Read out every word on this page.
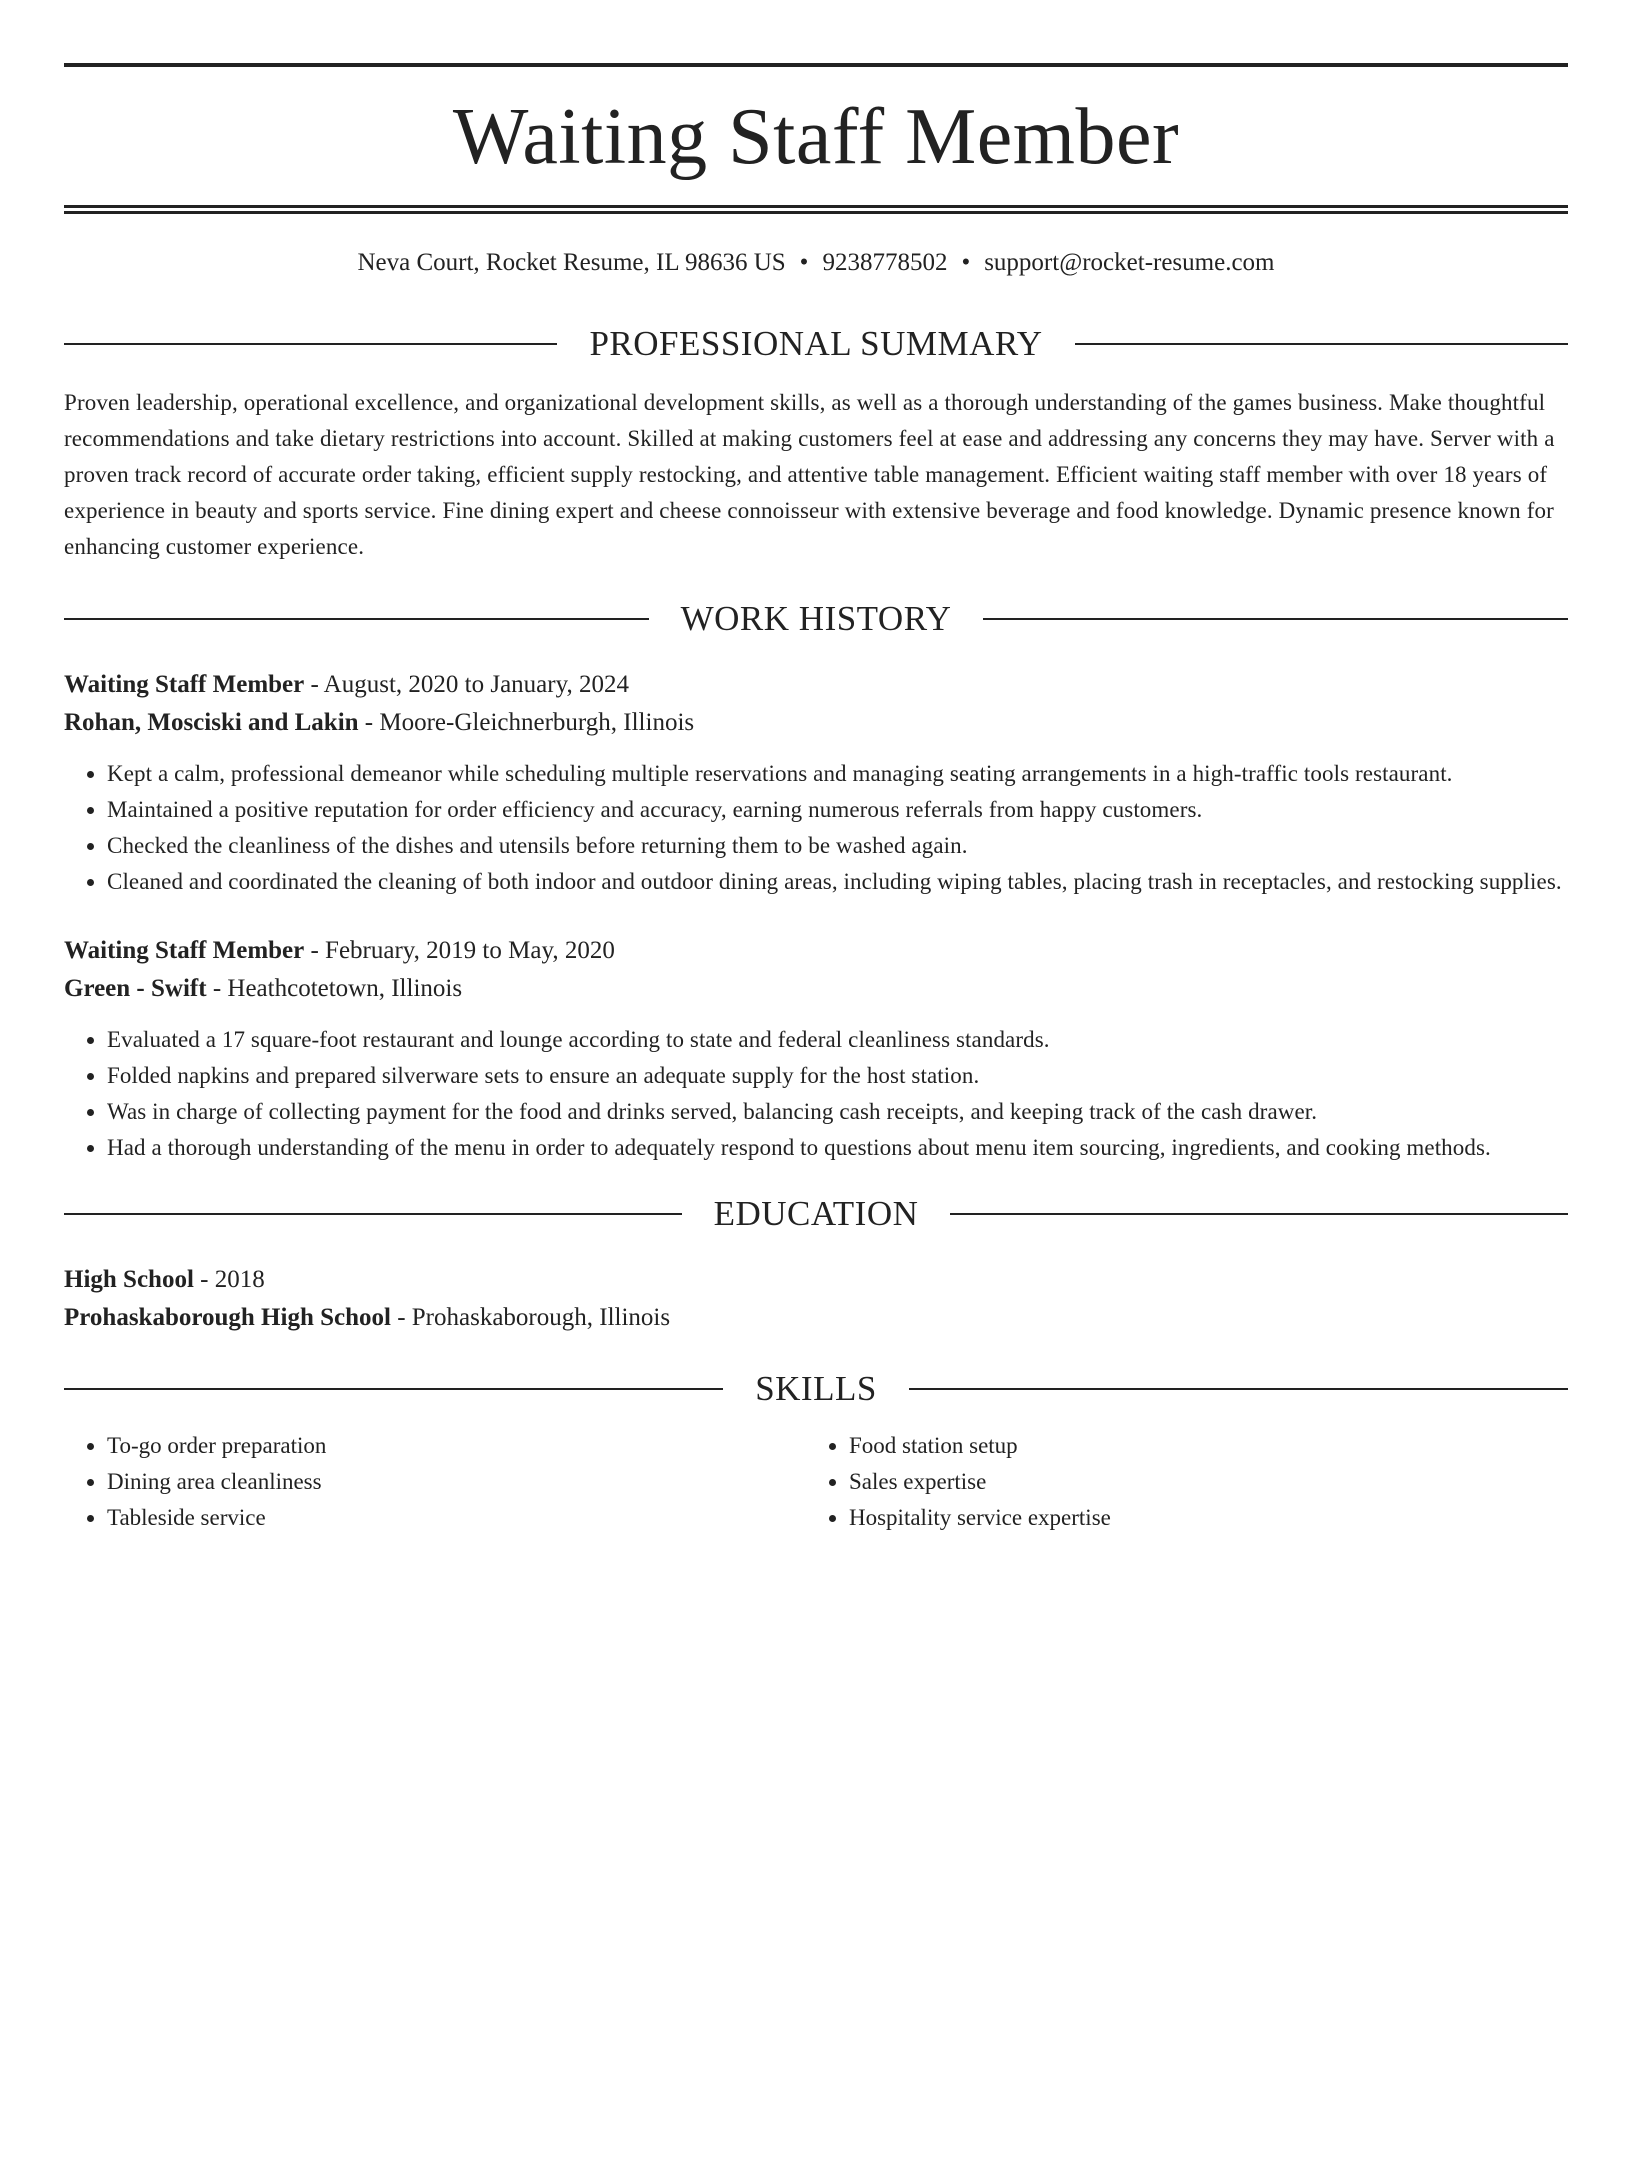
Waiting Staff Member
Neva Court, Rocket Resume, IL 98636 US • 9238778502 • support@rocket-resume.com
PROFESSIONAL SUMMARY

Proven leadership, operational excellence, and organizational development skills, as well as a thorough understanding of the games business. Make thoughtful recommendations and take dietary restrictions into account. Skilled at making customers feel at ease and addressing any concerns they may have. Server with a proven track record of accurate order taking, efficient supply restocking, and attentive table management. Efficient waiting staff member with over 18 years of experience in beauty and sports service. Fine dining expert and cheese connoisseur with extensive beverage and food knowledge. Dynamic presence known for enhancing customer experience.

WORK HISTORY
Waiting Staff Member - August, 2020 to January, 2024
Rohan, Mosciski and Lakin - Moore-Gleichnerburgh, Illinois
• Kept a calm, professional demeanor while scheduling multiple reservations and managing seating arrangements in a high-traffic tools restaurant.
• Maintained a positive reputation for order efficiency and accuracy, earning numerous referrals from happy customers.
• Checked the cleanliness of the dishes and utensils before returning them to be washed again.
• Cleaned and coordinated the cleaning of both indoor and outdoor dining areas, including wiping tables, placing trash in receptacles, and restocking supplies.
Waiting Staff Member - February, 2019 to May, 2020
Green - Swift - Heathcotetown, Illinois
• Evaluated a 17 square-foot restaurant and lounge according to state and federal cleanliness standards.
• Folded napkins and prepared silverware sets to ensure an adequate supply for the host station.
• Was in charge of collecting payment for the food and drinks served, balancing cash receipts, and keeping track of the cash drawer.
• Had a thorough understanding of the menu in order to adequately respond to questions about menu item sourcing, ingredients, and cooking methods.
EDUCATION
High School - 2018
Prohaskaborough High School - Prohaskaborough, Illinois
SKILLS
• To-go order preparation
• Dining area cleanliness
• Tableside service
• Food station setup
• Sales expertise
• Hospitality service expertise
